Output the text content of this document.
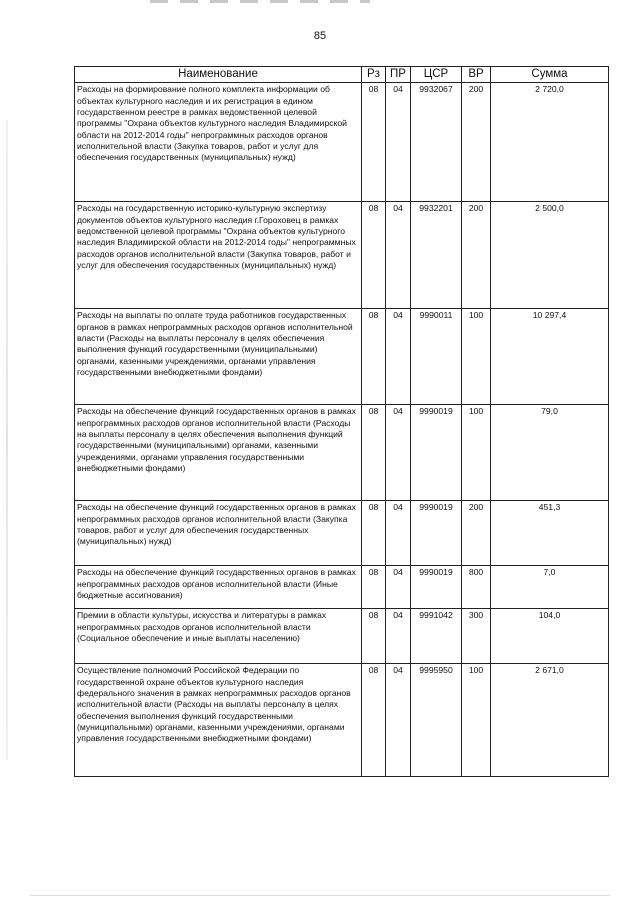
85
Наименование	Рз	ПР	ЦСР	ВР	Сумма
Расходы на формирование полного комплекта информации об объектах культурного наследия и их регистрация в едином государственном реестре в рамках ведомственной целевой программы "Охрана объектов культурного наследия Владимирской области на 2012-2014 годы" непрограммных расходов органов исполнительной власти (Закупка товаров, работ и услуг для обеспечения государственных (муниципальных) нужд)	08	04	9932067	200	2 720,0
Расходы на государственную историко-культурную экспертизу документов объектов культурного наследия г.Гороховец в рамках ведомственной целевой программы "Охрана объектов культурного наследия Владимирской области на 2012-2014 годы" непрограммных расходов органов исполнительной власти (Закупка товаров, работ и услуг для обеспечения государственных (муниципальных) нужд)	08	04	9932201	200	2 500,0
Расходы на выплаты по оплате труда работников государственных органов в рамках непрограммных расходов органов исполнительной власти (Расходы на выплаты персоналу в целях обеспечения выполнения функций государственными (муниципальными) органами, казенными учреждениями, органами управления государственными внебюджетными фондами)	08	04	9990011	100	10 297,4
Расходы на обеспечение функций государственных органов в рамках непрограммных расходов органов исполнительной власти (Расходы на выплаты персоналу в целях обеспечения выполнения функций государственными (муниципальными) органами, казенными учреждениями, органами управления государственными внебюджетными фондами)	08	04	9990019	100	79,0
Расходы на обеспечение функций государственных органов в рамках непрограммных расходов органов исполнительной власти (Закупка товаров, работ и услуг для обеспечения государственных (муниципальных) нужд)	08	04	9990019	200	451,3
Расходы на обеспечение функций государственных органов в рамках непрограммных расходов органов исполнительной власти (Иные бюджетные ассигнования)	08	04	9990019	800	7,0
Премии в области культуры, искусства и литературы в рамках непрограммных расходов органов исполнительной власти (Социальное обеспечение и иные выплаты населению)	08	04	9991042	300	104,0
Осуществление полномочий Российской Федерации по государственной охране объектов культурного наследия федерального значения в рамках непрограммных расходов органов исполнительной власти (Расходы на выплаты персоналу в целях обеспечения выполнения функций государственными (муниципальными) органами, казенными учреждениями, органами управления государственными внебюджетными фондами)	08	04	9995950	100	2 671,0
